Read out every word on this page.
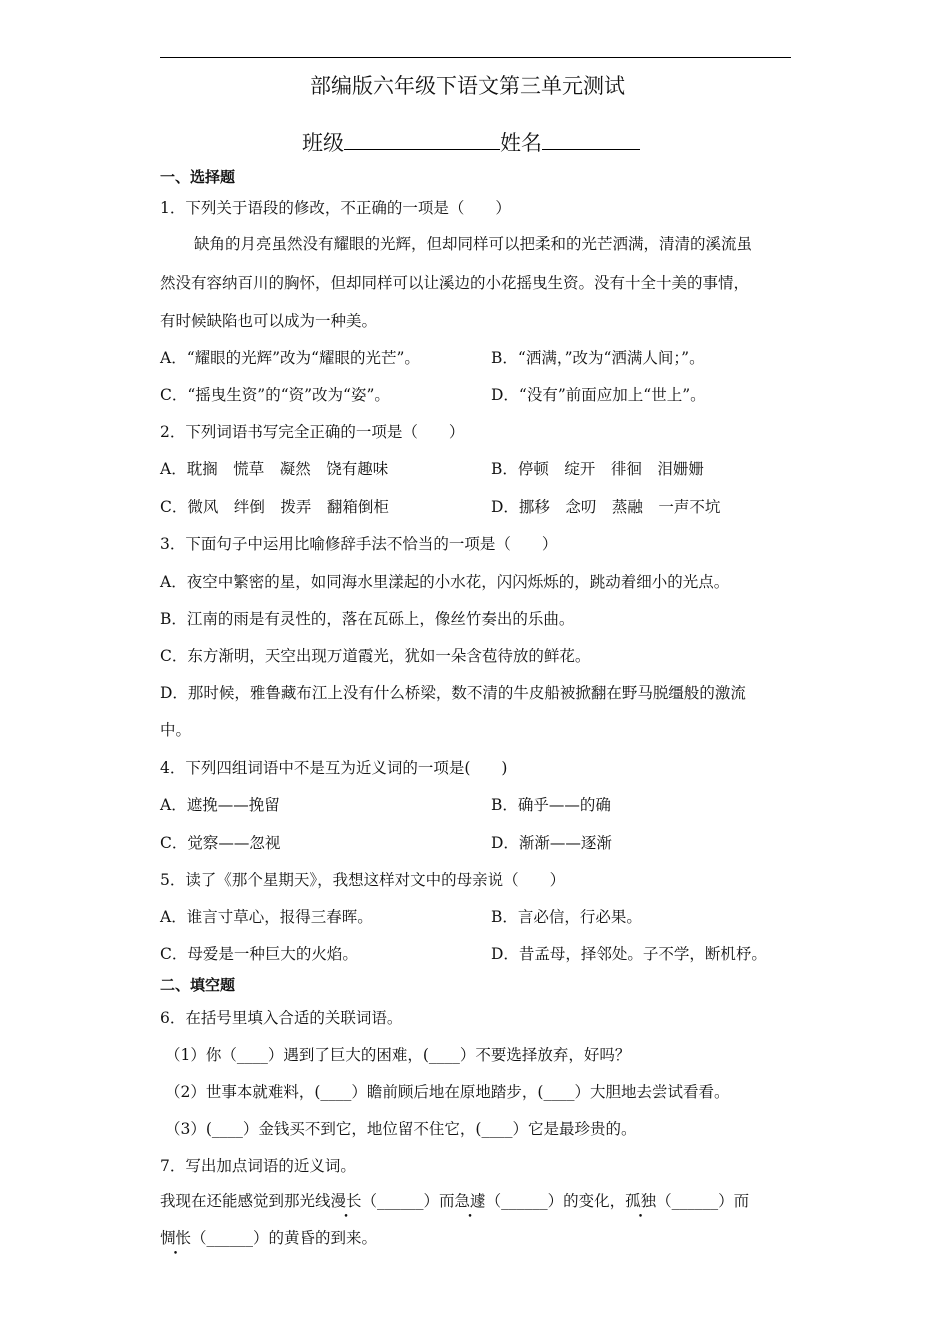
部编版六年级下语文第三单元测试
班级	姓名
一、选择题
1．下列关于语段的修改，不正确的一项是（　　）
缺角的月亮虽然没有耀眼的光辉，但却同样可以把柔和的光芒洒满，清清的溪流虽
然没有容纳百川的胸怀，但却同样可以让溪边的小花摇曳生资。没有十全十美的事情，
有时候缺陷也可以成为一种美。
A．“耀眼的光辉”改为“耀眼的光芒”。	B．“洒满，”改为“洒满人间；”。
C．“摇曳生资”的“资”改为“姿”。	D．“没有”前面应加上“世上”。
2．下列词语书写完全正确的一项是（　　）
A．耽搁　慌草　凝然　饶有趣味	B．停顿　绽开　徘徊　泪姗姗
C．微风　绊倒　拨弄　翻箱倒柜	D．挪移　念叨　蒸融　一声不坑
3．下面句子中运用比喻修辞手法不恰当的一项是（　　）
A．夜空中繁密的星，如同海水里漾起的小水花，闪闪烁烁的，跳动着细小的光点。
B．江南的雨是有灵性的，落在瓦砾上，像丝竹奏出的乐曲。
C．东方渐明，天空出现万道霞光，犹如一朵含苞待放的鲜花。
D．那时候，雅鲁藏布江上没有什么桥梁，数不清的牛皮船被掀翻在野马脱缰般的激流
中。
4．下列四组词语中不是互为近义词的一项是(　　)
A．遮挽——挽留	B．确乎——的确
C．觉察——忽视	D．渐渐——逐渐
5．读了《那个星期天》，我想这样对文中的母亲说（　　）
A．谁言寸草心，报得三春晖。	B．言必信，行必果。
C．母爱是一种巨大的火焰。	D．昔孟母，择邻处。子不学，断机杼。
二、填空题
6．在括号里填入合适的关联词语。
（1）你（____）遇到了巨大的困难，(____）不要选择放弃，好吗？
（2）世事本就难料，(____）瞻前顾后地在原地踏步，(____）大胆地去尝试看看。
（3）(____）金钱买不到它，地位留不住它，(____）它是最珍贵的。
7．写出加点词语的近义词。
我现在还能感觉到那光线漫长（______）而急遽（______）的变化，孤独（______）而
惆怅（______）的黄昏的到来。
